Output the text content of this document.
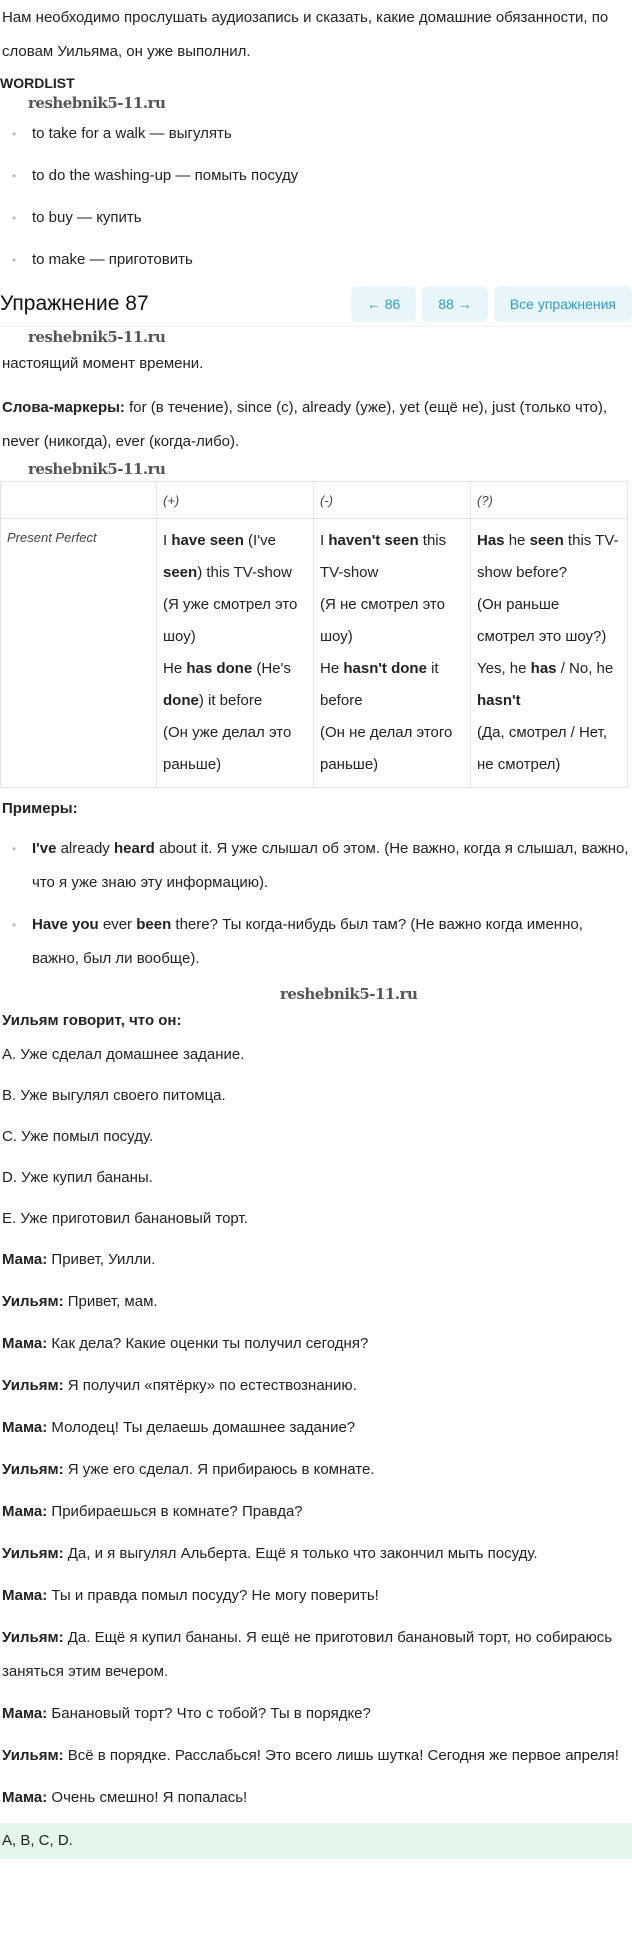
Нам необходимо прослушать аудиозапись и сказать, какие домашние обязанности, по словам Уильяма, он уже выполнил.
WORDLIST
reshebnik5-11.ru
• to take for a walk — выгулять
• to do the washing-up — помыть посуду
• to buy — купить
• to make — приготовить
Упражнение 87	← 86	88 →	Все упражнения
reshebnik5-11.ru
настоящий момент времени.
Слова-маркеры: for (в течение), since (с), already (уже), yet (ещё не), just (только что), never (никогда), ever (когда-либо).
reshebnik5-11.ru
	(+)	(-)	(?)
Present Perfect	I have seen (I've seen) this TV-show
(Я уже смотрел это шоу)
He has done (He's done) it before
(Он уже делал это раньше)	I haven't seen this TV-show
(Я не смотрел это шоу)
He hasn't done it before
(Он не делал этого раньше)	Has he seen this TV-show before?
(Он раньше смотрел это шоу?)
Yes, he has / No, he hasn't
(Да, смотрел / Нет, не смотрел)
Примеры:
• I've already heard about it. Я уже слышал об этом. (Не важно, когда я слышал, важно, что я уже знаю эту информацию).
• Have you ever been there? Ты когда-нибудь был там? (Не важно когда именно, важно, был ли вообще).
reshebnik5-11.ru
Уильям говорит, что он:
A. Уже сделал домашнее задание.
B. Уже выгулял своего питомца.
C. Уже помыл посуду.
D. Уже купил бананы.
E. Уже приготовил банановый торт.
Мама: Привет, Уилли.
Уильям: Привет, мам.
Мама: Как дела? Какие оценки ты получил сегодня?
Уильям: Я получил «пятёрку» по естествознанию.
Мама: Молодец! Ты делаешь домашнее задание?
Уильям: Я уже его сделал. Я прибираюсь в комнате.
Мама: Прибираешься в комнате? Правда?
Уильям: Да, и я выгулял Альберта. Ещё я только что закончил мыть посуду.
Мама: Ты и правда помыл посуду? Не могу поверить!
Уильям: Да. Ещё я купил бананы. Я ещё не приготовил банановый торт, но собираюсь заняться этим вечером.
Мама: Банановый торт? Что с тобой? Ты в порядке?
Уильям: Всё в порядке. Расслабься! Это всего лишь шутка! Сегодня же первое апреля!
Мама: Очень смешно! Я попалась!
A, B, C, D.
